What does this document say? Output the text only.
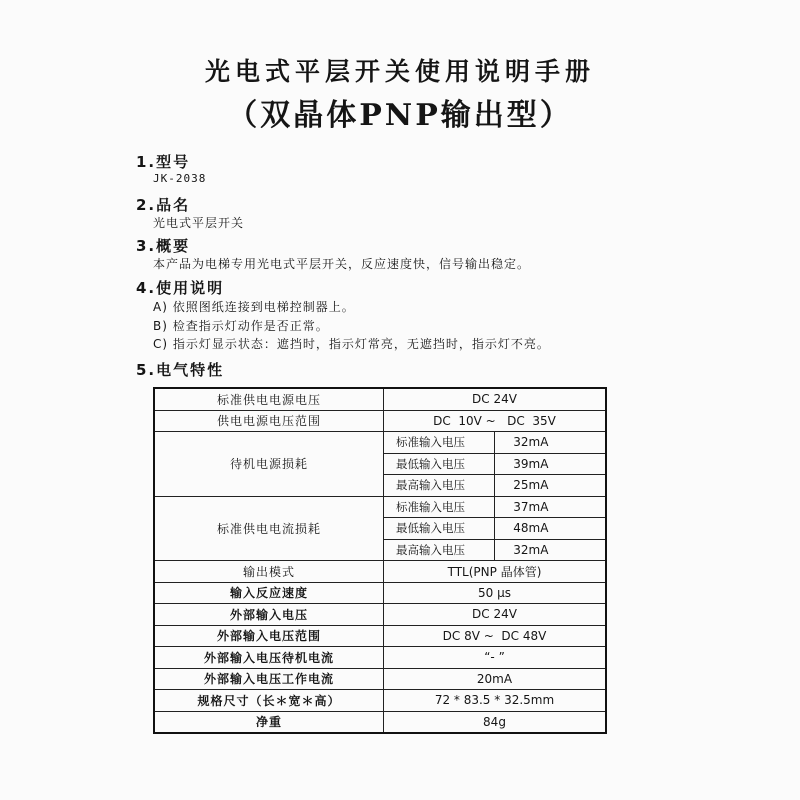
光电式平层开关使用说明手册
（双晶体PNP输出型）
1.型号
JK-2038
2.品名
光电式平层开关
3.概要
本产品为电梯专用光电式平层开关，反应速度快，信号输出稳定。
4.使用说明
A) 依照图纸连接到电梯控制器上。
B) 检查指示灯动作是否正常。
C) 指示灯显示状态：遮挡时，指示灯常亮，无遮挡时，指示灯不亮。
5.电气特性
标准供电电源电压	DC 24V	
供电电源电压范围	DC  10V ~   DC  35V	
待机电源损耗	标准输入电压	32mA
	最低输入电压	39mA
	最高输入电压	25mA
标准供电电流损耗	标准输入电压	37mA
	最低输入电压	48mA
	最高输入电压	32mA
输出模式	TTL(PNP 晶体管)	
输入反应速度	50 μs	
外部输入电压	DC 24V	
外部输入电压范围	DC 8V ~  DC 48V	
外部输入电压待机电流	“- ”	
外部输入电压工作电流	20mA	
规格尺寸（长＊宽＊高）	72 * 83.5 * 32.5mm	
净重	84g	
